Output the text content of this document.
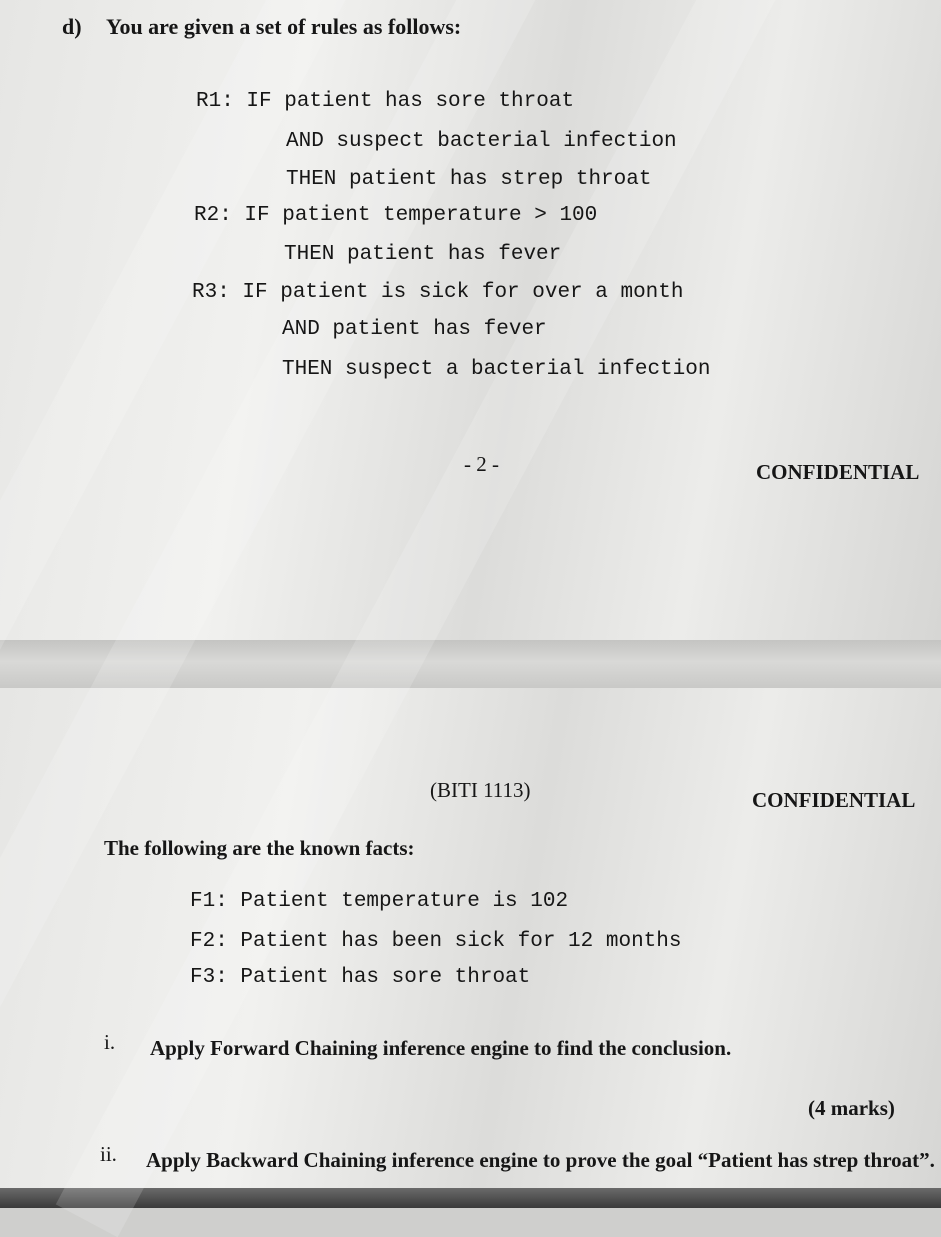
d) You are given a set of rules as follows:
R1: IF patient has sore throat
AND suspect bacterial infection
THEN patient has strep throat
R2: IF patient temperature > 100
THEN patient has fever
R3: IF patient is sick for over a month
AND patient has fever
THEN suspect a bacterial infection
- 2 -	CONFIDENTIAL
(BITI 1113)	CONFIDENTIAL
The following are the known facts:
F1: Patient temperature is 102
F2: Patient has been sick for 12 months
F3: Patient has sore throat
i. Apply Forward Chaining inference engine to find the conclusion.
(4 marks)
ii. Apply Backward Chaining inference engine to prove the goal “Patient has strep throat”.
